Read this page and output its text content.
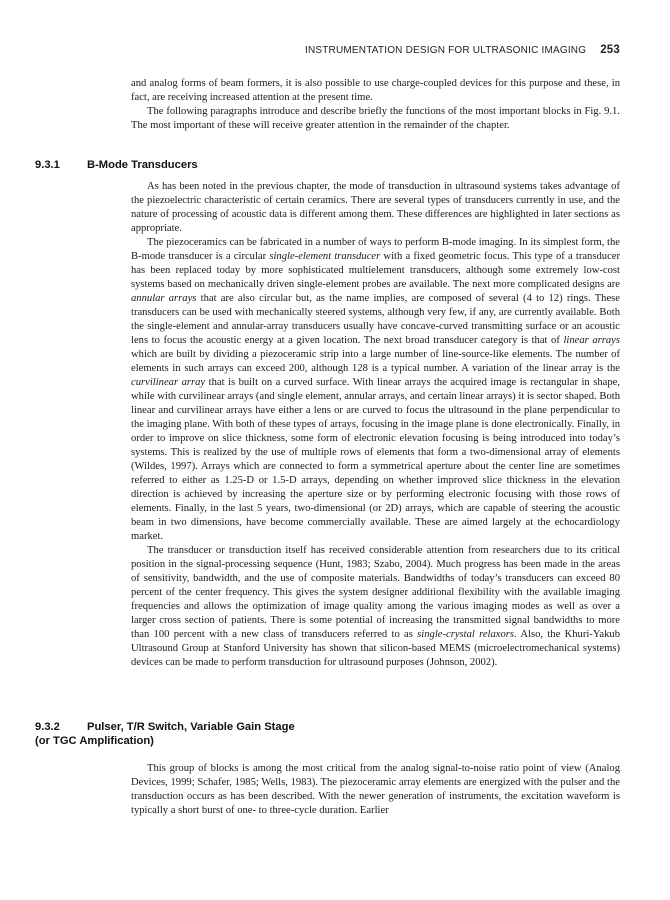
INSTRUMENTATION DESIGN FOR ULTRASONIC IMAGING 253

and analog forms of beam formers, it is also possible to use charge-coupled devices for this purpose and these, in fact, are receiving increased attention at the present time.

The following paragraphs introduce and describe briefly the functions of the most important blocks in Fig. 9.1. The most important of these will receive greater attention in the remainder of the chapter.

9.3.1 B-Mode Transducers

As has been noted in the previous chapter, the mode of transduction in ultrasound systems takes advantage of the piezoelectric characteristic of certain ceramics. There are several types of transducers currently in use, and the nature of processing of acoustic data is different among them. These differences are highlighted in later sections as appropriate.

The piezoceramics can be fabricated in a number of ways to perform B-mode imaging. In its simplest form, the B-mode transducer is a circular single-element transducer with a fixed geometric focus. This type of a transducer has been replaced today by more sophisticated multielement transducers, although some extremely low-cost systems based on mechanically driven single-element probes are available. The next more complicated designs are annular arrays that are also circular but, as the name implies, are composed of several (4 to 12) rings. These transducers can be used with mechanically steered systems, although very few, if any, are currently available. Both the single-element and annular-array transducers usually have concave-curved transmitting surface or an acoustic lens to focus the acoustic energy at a given location. The next broad transducer category is that of linear arrays which are built by dividing a piezoceramic strip into a large number of line-source-like elements. The number of elements in such arrays can exceed 200, although 128 is a typical number. A variation of the linear array is the curvilinear array that is built on a curved surface. With linear arrays the acquired image is rectangular in shape, while with curvilinear arrays (and single element, annular arrays, and certain linear arrays) it is sector shaped. Both linear and curvilinear arrays have either a lens or are curved to focus the ultrasound in the plane perpendicular to the imaging plane. With both of these types of arrays, focusing in the image plane is done electronically. Finally, in order to improve on slice thickness, some form of electronic elevation focusing is being introduced into today’s systems. This is realized by the use of multiple rows of elements that form a two-dimensional array of elements (Wildes, 1997). Arrays which are connected to form a symmetrical aperture about the center line are sometimes referred to either as 1.25-D or 1.5-D arrays, depending on whether improved slice thickness in the elevation direction is achieved by increasing the aperture size or by performing electronic focusing with those rows of elements. Finally, in the last 5 years, two-dimensional (or 2D) arrays, which are capable of steering the acoustic beam in two dimensions, have become commercially available. These are aimed largely at the echocardiology market.

The transducer or transduction itself has received considerable attention from researchers due to its critical position in the signal-processing sequence (Hunt, 1983; Szabo, 2004). Much progress has been made in the areas of sensitivity, bandwidth, and the use of composite materials. Bandwidths of today’s transducers can exceed 80 percent of the center frequency. This gives the system designer additional flexibility with the available imaging frequencies and allows the optimization of image quality among the various imaging modes as well as over a larger cross section of patients. There is some potential of increasing the transmitted signal bandwidths to more than 100 percent with a new class of transducers referred to as single-crystal relaxors. Also, the Khuri-Yakub Ultrasound Group at Stanford University has shown that silicon-based MEMS (microelectromechanical systems) devices can be made to perform transduction for ultrasound purposes (Johnson, 2002).

9.3.2 Pulser, T/R Switch, Variable Gain Stage
(or TGC Amplification)

This group of blocks is among the most critical from the analog signal-to-noise ratio point of view (Analog Devices, 1999; Schafer, 1985; Wells, 1983). The piezoceramic array elements are energized with the pulser and the transduction occurs as has been described. With the newer generation of instruments, the excitation waveform is typically a short burst of one- to three-cycle duration. Earlier
